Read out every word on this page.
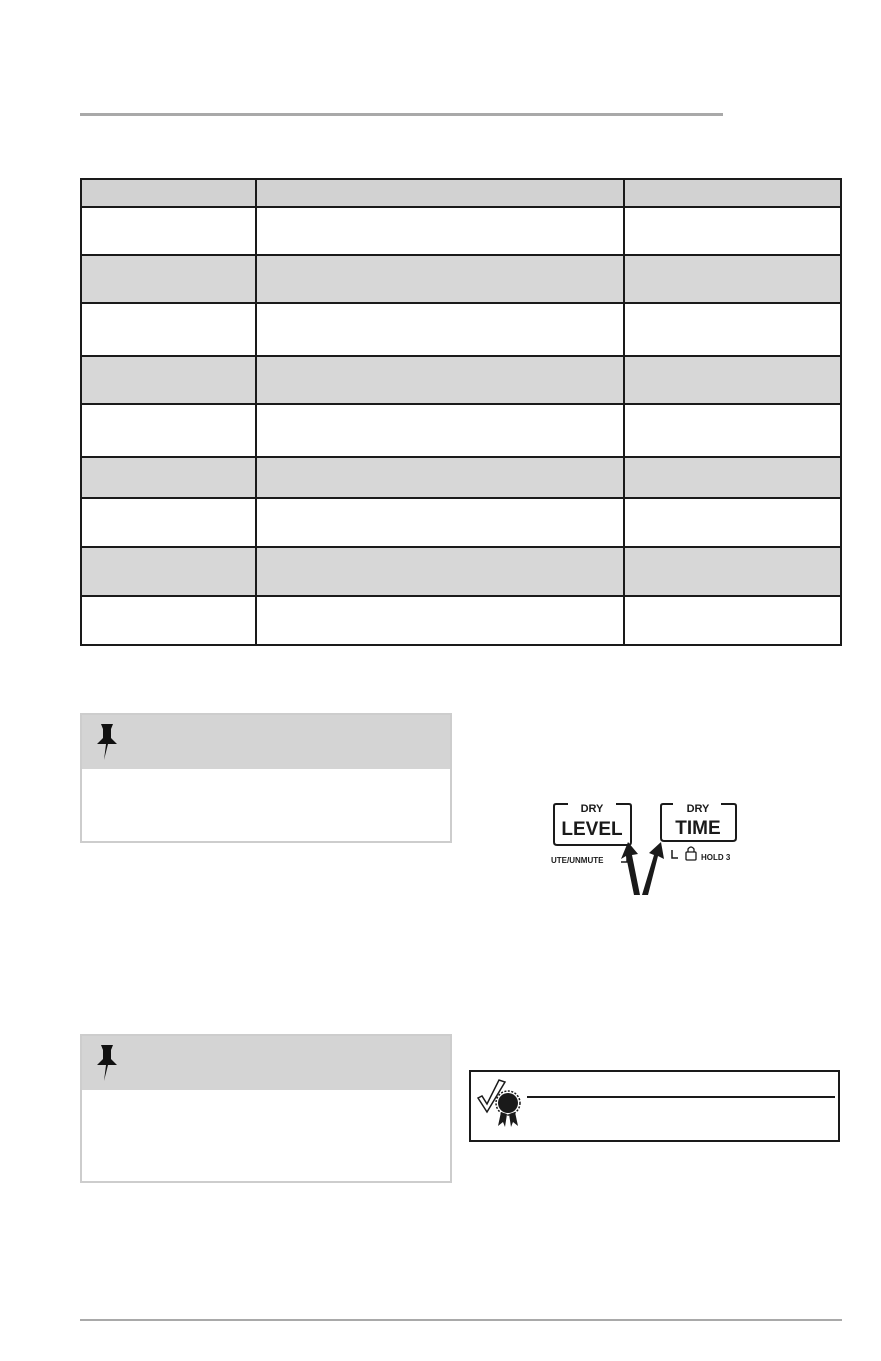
DRY
LEVEL
UTE/UNMUTE
DRY
TIME
HOLD 3
